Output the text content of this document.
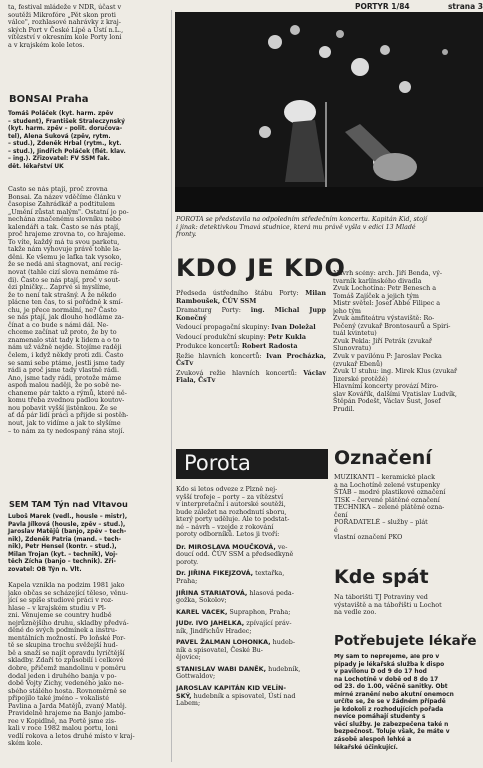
PORTYR 1/84	strana 3

ta, festival mládeže v NDR, účast v
soutěži Mikrofóre „Pět skon proti
válce", rozhlasové nahrávky z kraj-
ských Port v České Lípě a Ústí n.L.,
vítězství v okresním kole Porty loni
a v krajském kole letos.

BONSAI Praha

Tomáš Poláček (kyt. harm. zpěv
– student), František Straleczynský
(kyt. harm. zpěv – polit. doručova-
tel), Alena Suková (zpěv, rytm.
– stud.), Zdeněk Hrbal (rytm., kyt.
– stud.), Jindřich Poláček (flét. klav.
– ing.). Zřizovatel: FV SSM fak.
dět. lékařství UK

Často se nás ptají, proč zrovna
Bonsai. Za název vděčíme článku v
časopise Zahrádkář a podtitulem
„Umění zůstat malým". Ostatní jo po-
nechána značenému slovníku nebo
kalendáři a tak. Často se nás ptají,
proč hrajeme zrovna to, co hrajeme.
To víte, každý má tu svou parketu,
takže nám vyhovuje právě tohle la-
děni. Ke všemu je lafka tak vysoko,
že se nedá ani stagnovat, ani recig-
novat (tahle cizí slova nemáme rá-
di). Často se nás ptají, proč v sout-
ězi plničky... Zaprvé si myslíme,
že to není tak strašný. A že někdo
plácne ten čas, to si pořádně k smí-
chu, je přece normální, ne? Často
se nás ptají, jak dlouho hodláme za-
čínat a co bude s námi dál. Ne-
chceme začínat už proto, že by to
znamenalo stát tady k lidem a o to
nám už vážně nejde. Stojíme raději
čelem, i když někdy proti zdi. Často
se sami sebe ptáme, jestli jsme tady
rádi a proč jsme tady vlastně rádi.
Ano, jsme tady rádi, protože máme
aspoň malou naději, že po sobě ne-
chaneme pár takto a rýmů, které ně-
komu třeba zvednou padlou koutov-
nou pobavit vyšší jistěnkou. Že se
ať dá pár lidí práci a přijde si postěh-
nout, jak to vidíme a jak to slyšíme
– to nám za ty nedospaný rána stojí.

SEM TAM Týn nad Vltavou

Luboš Marek (vedl., housle – mistr),
Pavla Jílková (housle, zpěv – stud.),
Jaroslav Matějů (banjo, zpěv – tech-
nik), Zdeněk Patria (mand. – tech-
nik), Petr Hensel (kontr. – stud.),
Milan Trojan (kyt. – technik), Voj-
těch Zícha (banjo – technik). Zři-
zovatel: OB Týn n. Vlt.

Kapela vznikla na podzim 1981 jako
jako občas se scházející těleso, věnu-
jící se spíše studiové práci v roz-
hlase – v krajském studiu v Pl-
zni. Věnujeme se country hudbě
nejrůznějšího druhu, skladby předvá-
děné do svých podmínek a instru-
mentálních možností. Po loňské Por-
tě se skupina trochu svěžejší hud-
bě a snaží se najít opravdu lyričtější
skladby. Zdaří to způsobilí i celkové
dobre, přičemž mandolinu v poměru
dodal jeden i druhého banja v po-
době Vojty Zichy, vedeného jako ne-
sbého stálého hosta. Rovnoměrně se
připojilo také jméno – vokalisté
Pavlina a Jarda Matějů, zvaný Matěj.
Pravidelně hrajeme na Banjo jambo-
ree v Kopidlně, na Portě jsme zis-
kali v roce 1982 malou portu, loni
vedlí rokova a letos druhé místo v kraj-
ském kole.

POROTA se představila na odpoledním středečním koncertu. Kapitán Kid, stojí
i jinak: detektivkou Tmavá studnice, která mu právě vyšla v edici 13 Mladé
fronty.

KDO JE KDO
Předseda ústředního štábu Porty: Milan Ramboušek, ČÚV SSM
Dramaturg Porty: ing. Michal Jupp Konečný
Vedoucí propagační skupiny: Ivan Doležal
Vedoucí produkční skupiny: Petr Kukla
Produkce koncertů: Robert Radosta
Režie hlavních koncertů: Ivan Procházka, ČsTv
Zvuková režie hlavních koncertů: Václav Fiala, ČsTv

Návrh scény: arch. Jiří Benda, vý-
tvarník karlínského divadla
Zvuk Lochotína: Petr Benesch a
Tomáš Zajíček a jejich tým
Mistr světel: Josef Abbé Filipec a
jeho tým
Zvuk amfiteátru výstaviště: Ro-
Pečený (zvukař Brontosaurů a Spiri-
tuál kvintetu)
Zvuk Pekla: Jiří Petrák (zvukař
Slunovratu)
Zvuk v pavilónu P: Jaroslav Pecka
(zvukař Ebenů)
Zvuk U stuhu: ing. Mirek Klus (zvukař
Jizerské protěžé)
Hlavními koncerty provází Miro-
slav Kovářík, dalšími Vratislav Ludvík,
Štěpán Podešt, Václav Šust, Josef
Prudil.

Porota

Kdo si letos odveze z Plzně nej-
vyšší trofeje – porty – za vítězství
v interpretační i autorské soutěži,
bude záležet na rozhodnutí sboru,
který porty uděluje. Ale to podstat-
né – návrh – vzejde z rokování
poroty odborníků. Letos ji tvoří:

Dr. MIROSLAVA MOUČKOVÁ, ve-
doucí odd. ČÚV SSM a předsedkyně
poroty.

Dr. JIŘINA FIKEJZOVÁ, textařka,
Praha;

JIŘINA STARIATOVÁ, hlasová peda-
gožka, Sokolov;

KAREL VACEK, Supraphon, Praha;

JUDr. IVO JAHELKA, zpívající práv-
ník, Jindřichův Hradec;

PAVEL ŽALMAN LOHONKA, hudeb-
ník a spisovatel, České Bu-
ějovice;

STANISLAV WABI DANĚK, hudebník,
Gottwaldov;

JAROSLAV KAPITÁN KID VELÍN-
SKÝ, hudebník a spisovatel, Ústí nad
Labem;

Označení

MUZIKANTI – keramické plack
a na Lochotíně zelené vstupenky
ŠTÁB – modré plastikové označení
TISK – červené plátěné označení
TECHNIKA – zelené plátěné ozna-
čení
POŘADATELÉ – služby – plát
é
vlastní označení PKO

Kde spát

Na táborišti TJ Potraviny ved
výstaviště a na tábořišti u Lochot
na vedle zoo.

Potřebujete lékaře

My sám to nepřejeme, ale pro v
pípady je lékařská služba k dispo
v pavilonu D od 9 do 17 hod
na Lochotíně v době od 8 do 17
od 23. do 1.00, věčně sanitky. Obt
mírné zranění nebo akutní onemocn
určíte se, že se v žádném případě
je kdokoli z rozhodujících pořada
nevíce pomáhají studenty s
věcí služby. Je zabezpečena také n
bezpečnost. Toluje však, že máte v
zásobě alespoň lehké a
lékařské účinkující.
